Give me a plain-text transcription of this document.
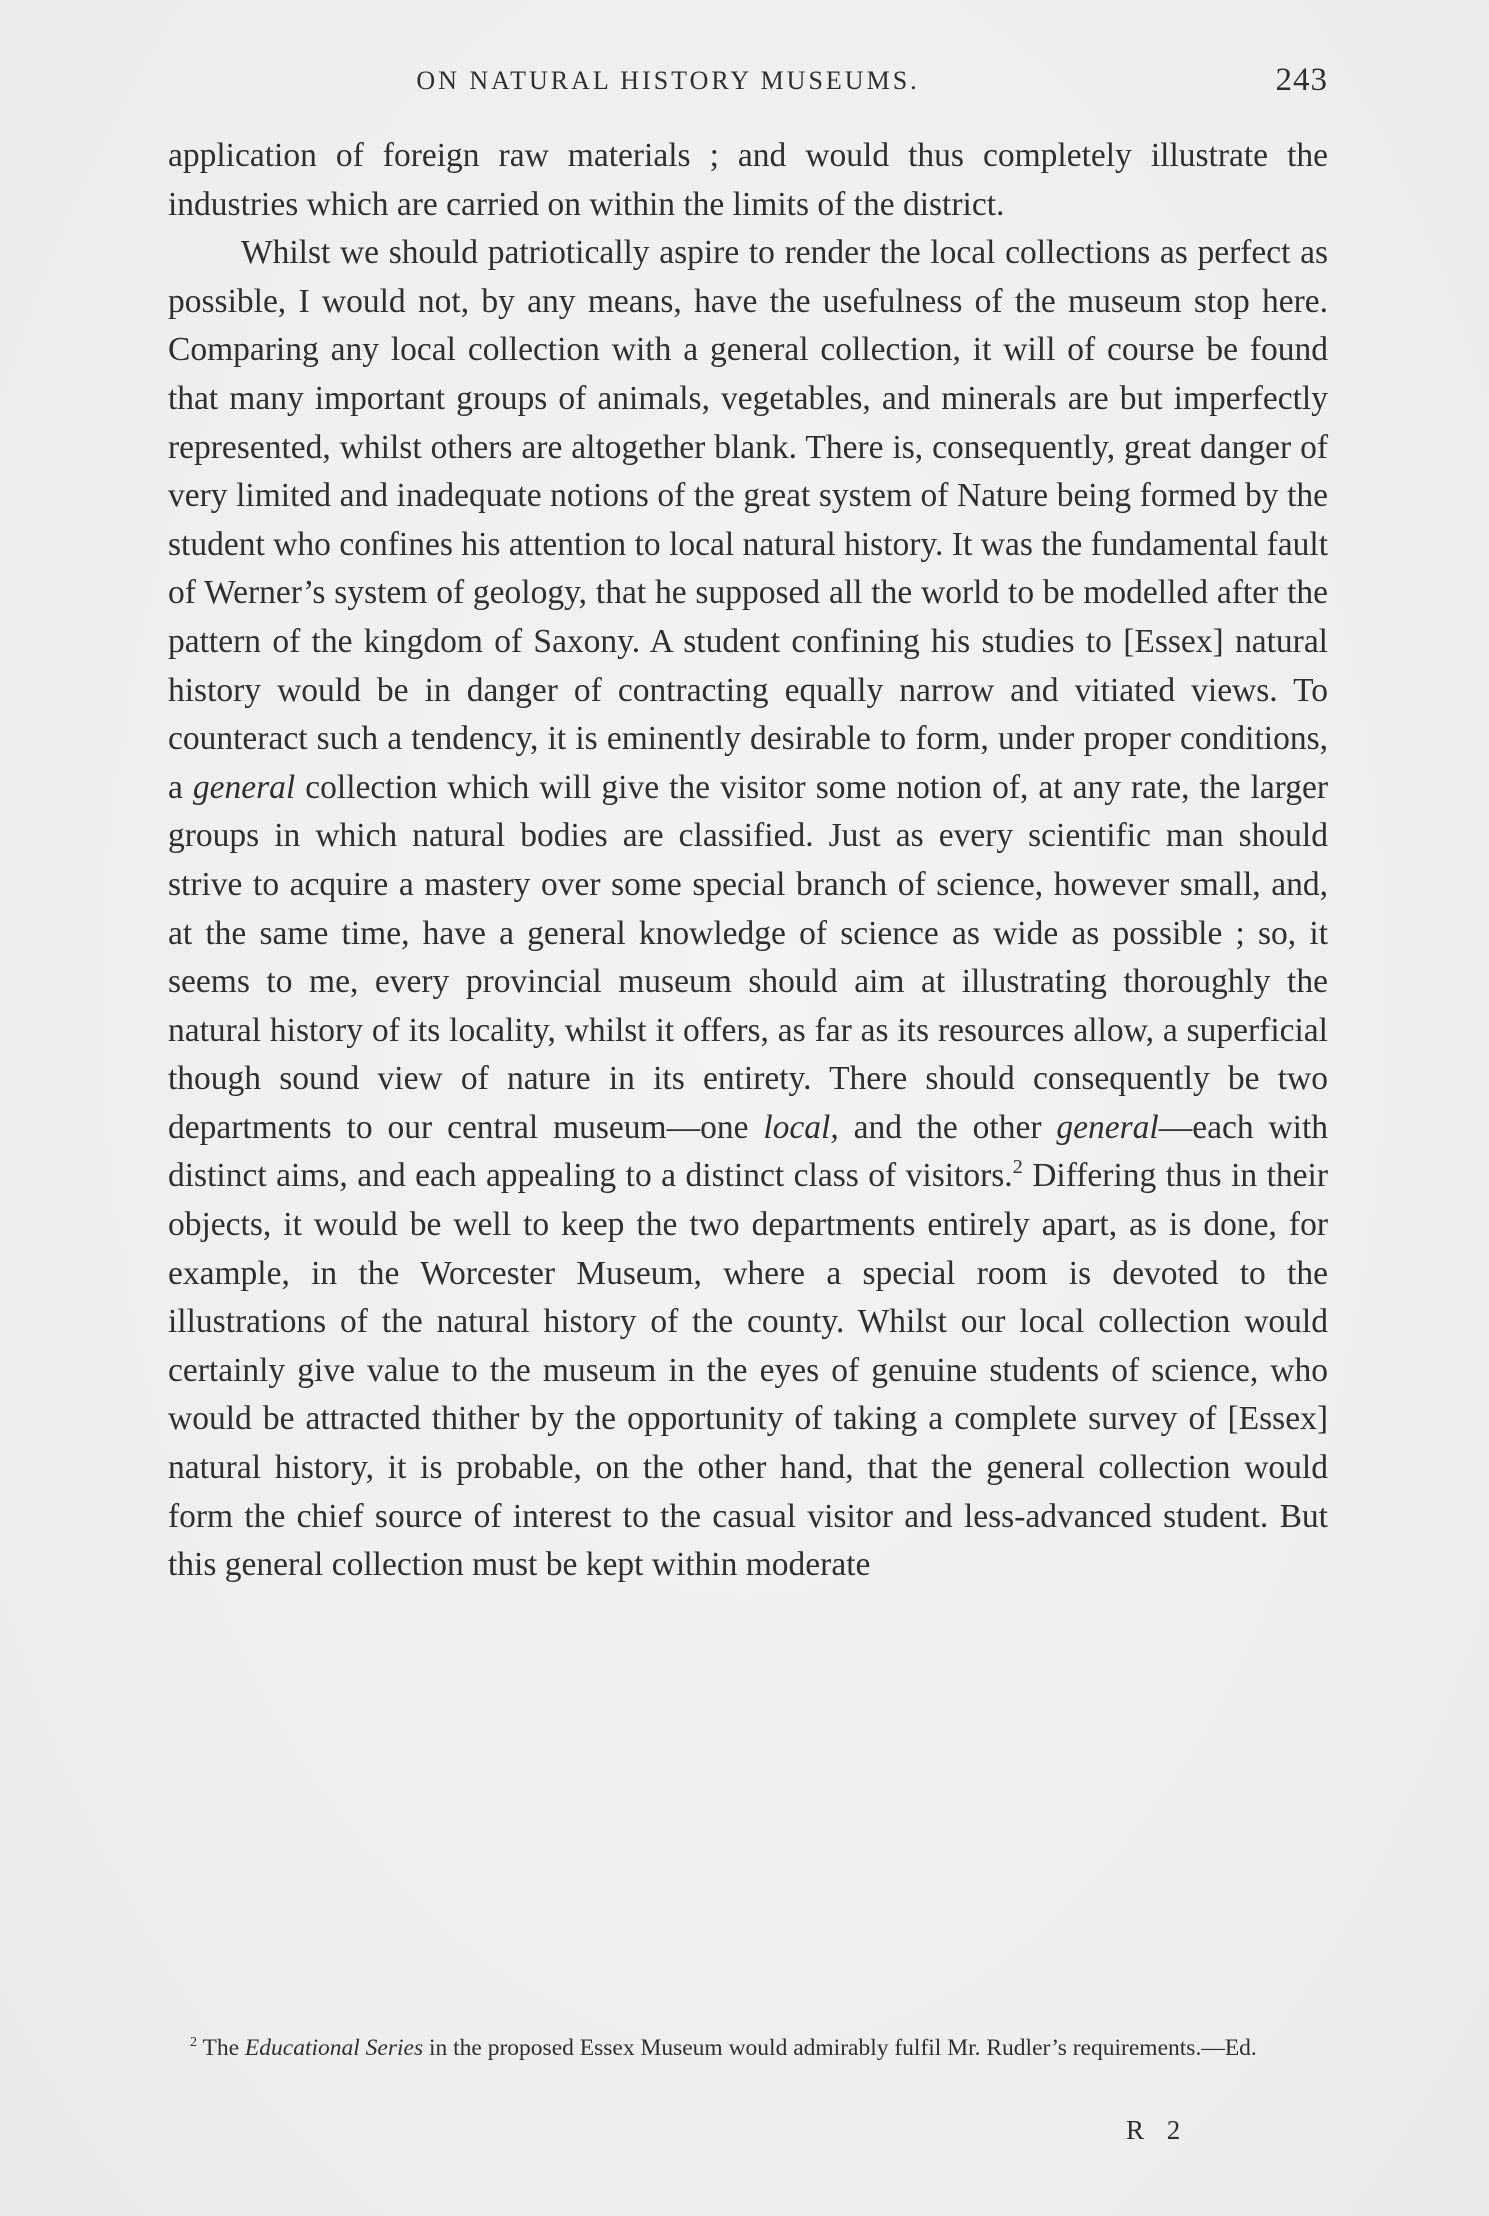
ON NATURAL HISTORY MUSEUMS.	243

application of foreign raw materials ; and would thus completely illustrate the industries which are carried on within the limits of the district.

Whilst we should patriotically aspire to render the local collections as perfect as possible, I would not, by any means, have the usefulness of the museum stop here. Comparing any local collection with a general collection, it will of course be found that many important groups of animals, vegetables, and minerals are but imperfectly represented, whilst others are altogether blank. There is, consequently, great danger of very limited and inadequate notions of the great system of Nature being formed by the student who confines his attention to local natural history. It was the fundamental fault of Werner’s system of geology, that he supposed all the world to be modelled after the pattern of the kingdom of Saxony. A student confining his studies to [Essex] natural history would be in danger of contracting equally narrow and vitiated views. To counteract such a tendency, it is eminently desirable to form, under proper conditions, a general collection which will give the visitor some notion of, at any rate, the larger groups in which natural bodies are classified. Just as every scientific man should strive to acquire a mastery over some special branch of science, however small, and, at the same time, have a general knowledge of science as wide as possible ; so, it seems to me, every provincial museum should aim at illustrating thoroughly the natural history of its locality, whilst it offers, as far as its resources allow, a superficial though sound view of nature in its entirety. There should consequently be two departments to our central museum—one local, and the other general—each with distinct aims, and each appealing to a distinct class of visitors.$^2$ Differing thus in their objects, it would be well to keep the two departments entirely apart, as is done, for example, in the Worcester Museum, where a special room is devoted to the illustrations of the natural history of the county. Whilst our local collection would certainly give value to the museum in the eyes of genuine students of science, who would be attracted thither by the opportunity of taking a complete survey of [Essex] natural history, it is probable, on the other hand, that the general collection would form the chief source of interest to the casual visitor and less-advanced student. But this general collection must be kept within moderate

$^2$ The Educational Series in the proposed Essex Museum would admirably fulfil Mr. Rudler’s requirements.—Ed.

R 2
